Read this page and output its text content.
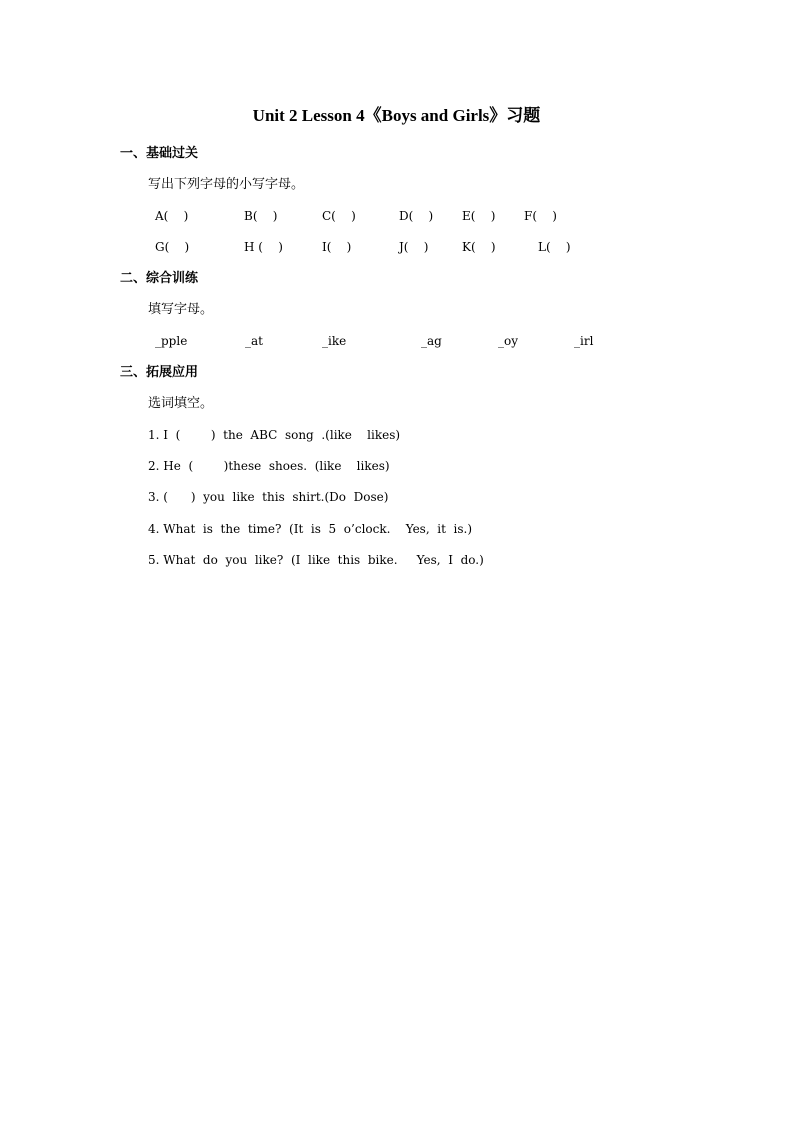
Unit 2 Lesson 4《Boys and Girls》习题
一、基础过关
写出下列字母的小写字母。
A(    )	B(    )	C(    )	D(    ) E(    ) F(    )
G(    )	H (    )	I(    )	J(    )	K(    )	L(    )
二、综合训练
填写字母。
_pple	_at	_ike	_ag	_oy	_irl
三、拓展应用
选词填空。
1. I  (        )  the  ABC  song  .(like    likes)
2. He  (        )these  shoes.  (like    likes)
3. (      )  you  like  this  shirt.(Do  Dose)
4. What  is  the  time?  (It  is  5  o’clock.    Yes,  it  is.)
5. What  do  you  like?  (I  like  this  bike.     Yes,  I  do.)
